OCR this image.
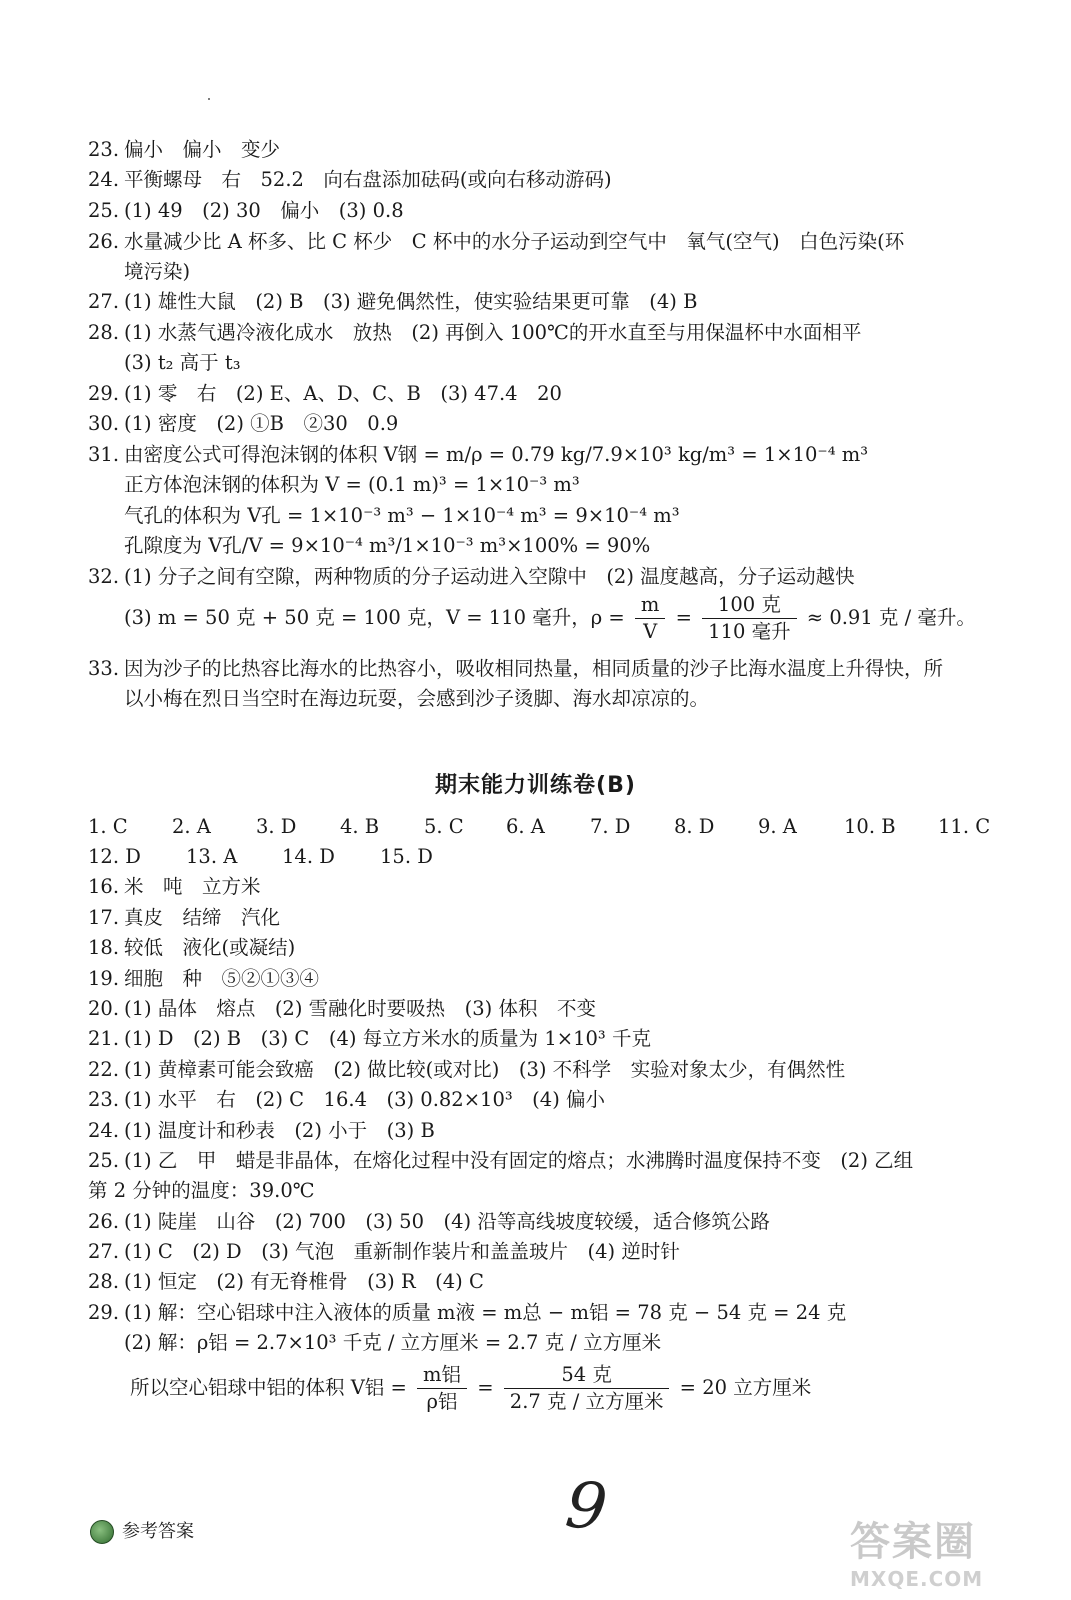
23. 偏小　偏小　变少
24. 平衡螺母　右　52.2　向右盘添加砝码(或向右移动游码)
25. (1) 49　(2) 30　偏小　(3) 0.8
26. 水量减少比 A 杯多、比 C 杯少　C 杯中的水分子运动到空气中　氧气(空气)　白色污染(环
境污染)
27. (1) 雄性大鼠　(2) B　(3) 避免偶然性，使实验结果更可靠　(4) B
28. (1) 水蒸气遇冷液化成水　放热　(2) 再倒入 100℃的开水直至与用保温杯中水面相平
(3) t₂ 高于 t₃
29. (1) 零　右　(2) E、A、D、C、B　(3) 47.4　20
30. (1) 密度　(2) ①B　②30　0.9
31. 由密度公式可得泡沫钢的体积 V钢 = m/ρ = 0.79 kg/7.9×10³ kg/m³ = 1×10⁻⁴ m³
正方体泡沫钢的体积为 V = (0.1 m)³ = 1×10⁻³ m³
气孔的体积为 V孔 = 1×10⁻³ m³ − 1×10⁻⁴ m³ = 9×10⁻⁴ m³
孔隙度为 V孔/V = 9×10⁻⁴ m³/1×10⁻³ m³×100% = 90%
32. (1) 分子之间有空隙，两种物质的分子运动进入空隙中　(2) 温度越高，分子运动越快
(3) m = 50 克 + 50 克 = 100 克，V = 110 毫升，$\rho = \frac{m}{V} = \frac{\text{100 克}}{\text{110 毫升}} \approx 0.91$ 克 / 毫升。
33. 因为沙子的比热容比海水的比热容小，吸收相同热量，相同质量的沙子比海水温度上升得快，所
以小梅在烈日当空时在海边玩耍，会感到沙子烫脚、海水却凉凉的。
期末能力训练卷(B)
1. C 2. A 3. D 4. B 5. C 6. A 7. D 8. D 9. A 10. B 11. C
12. D 13. A 14. D 15. D
16. 米　吨　立方米
17. 真皮　结缔　汽化
18. 较低　液化(或凝结)
19. 细胞　种　⑤②①③④
20. (1) 晶体　熔点　(2) 雪融化时要吸热　(3) 体积　不变
21. (1) D　(2) B　(3) C　(4) 每立方米水的质量为 1×10³ 千克
22. (1) 黄樟素可能会致癌　(2) 做比较(或对比)　(3) 不科学　实验对象太少，有偶然性
23. (1) 水平　右　(2) C　16.4　(3) 0.82×10³　(4) 偏小
24. (1) 温度计和秒表　(2) 小于　(3) B
25. (1) 乙　甲　蜡是非晶体，在熔化过程中没有固定的熔点；水沸腾时温度保持不变　(2) 乙组
第 2 分钟的温度：39.0℃
26. (1) 陡崖　山谷　(2) 700　(3) 50　(4) 沿等高线坡度较缓，适合修筑公路
27. (1) C　(2) D　(3) 气泡　重新制作装片和盖盖玻片　(4) 逆时针
28. (1) 恒定　(2) 有无脊椎骨　(3) R　(4) C
29. (1) 解：空心铝球中注入液体的质量 m液 = m总 − m铝 = 78 克 − 54 克 = 24 克
(2) 解：ρ铝 = 2.7×10³ 千克 / 立方厘米 = 2.7 克 / 立方厘米
所以空心铝球中铝的体积 V铝 = $\frac{\text{m铝}}{\text{ρ铝}} = \frac{\text{54 克}}{\text{2.7 克 / 立方厘米}} = 20$ 立方厘米
参考答案	9	答案圈
MXQE.COM
